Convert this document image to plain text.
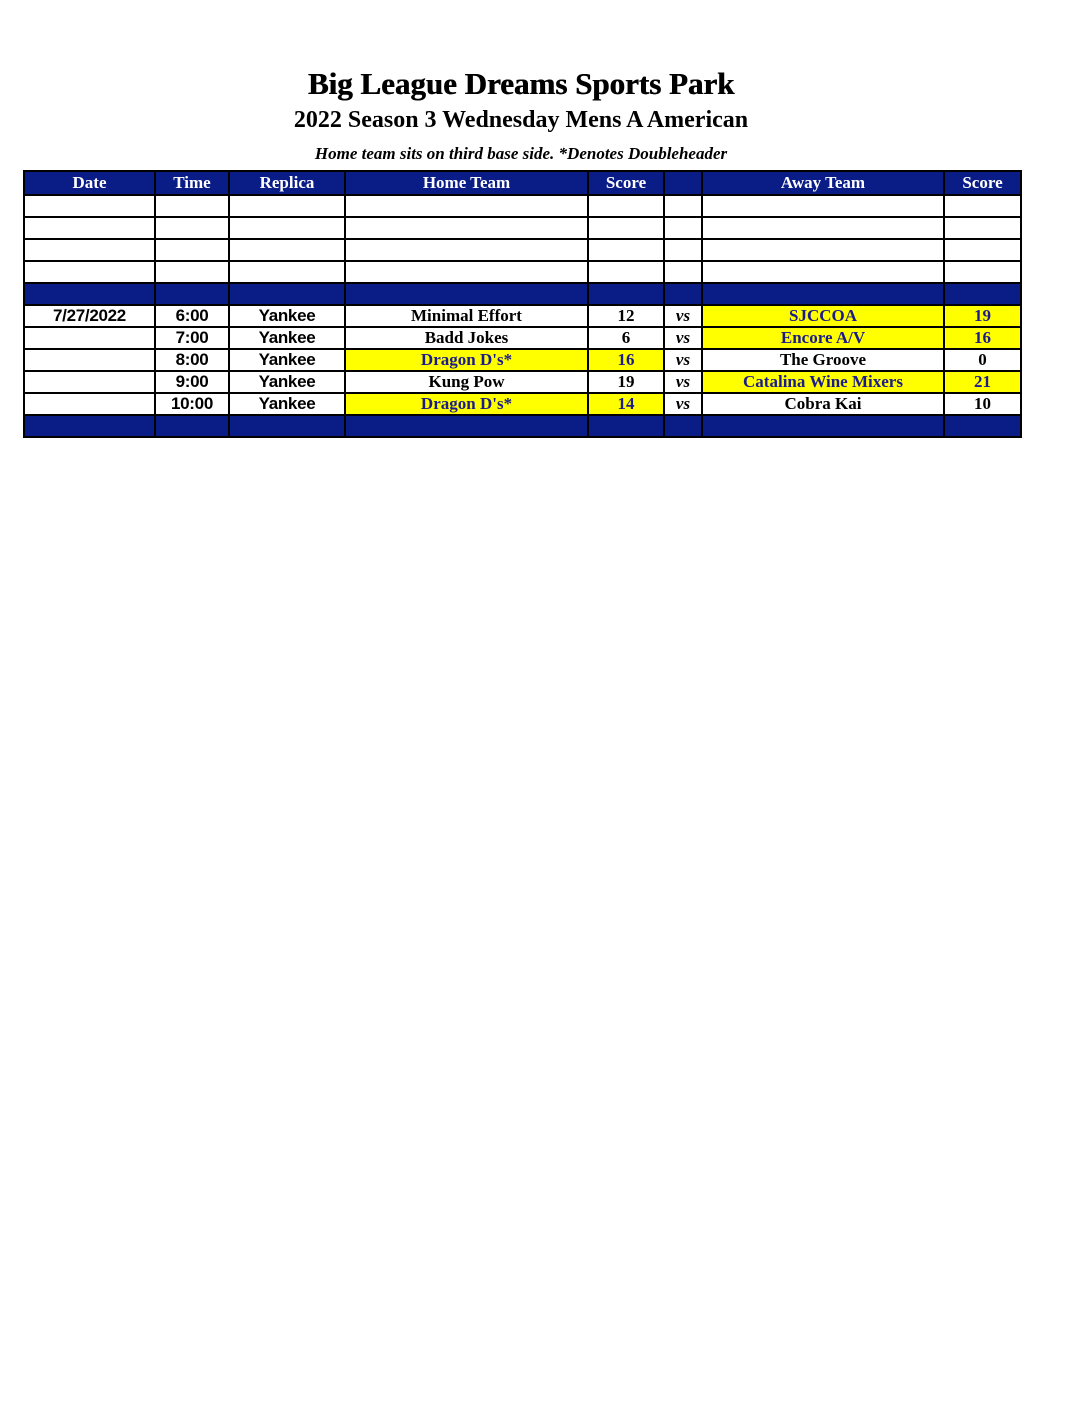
Big League Dreams Sports Park
2022 Season 3 Wednesday Mens A American
Home team sits on third base side. *Denotes Doubleheader
Date	Time	Replica	Home Team	Score		Away Team	Score

7/27/2022	6:00	Yankee	Minimal Effort	12	vs	SJCCOA	19
	7:00	Yankee	Badd Jokes	6	vs	Encore A/V	16
	8:00	Yankee	Dragon D's*	16	vs	The Groove	0
	9:00	Yankee	Kung Pow	19	vs	Catalina Wine Mixers	21
	10:00	Yankee	Dragon D's*	14	vs	Cobra Kai	10
